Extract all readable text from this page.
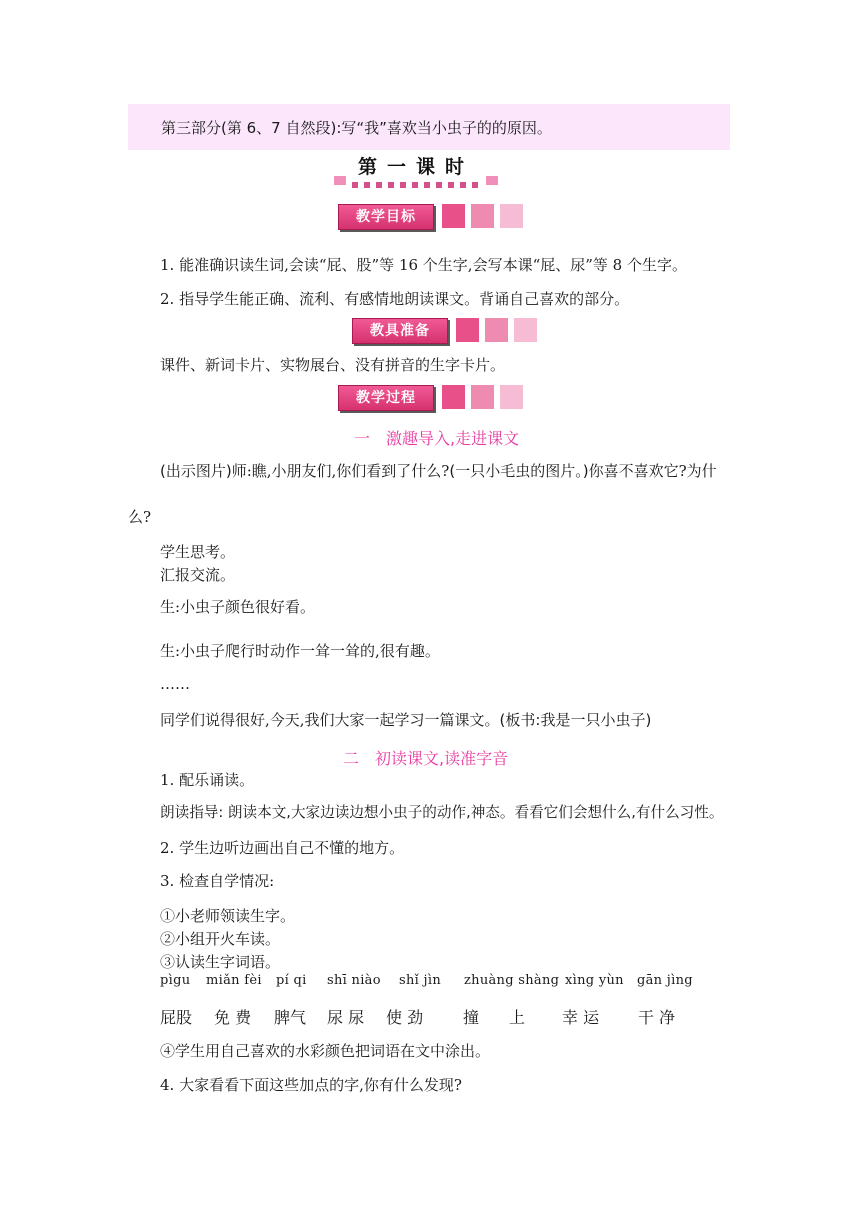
第三部分(第 6、7 自然段):写“我”喜欢当小虫子的的原因。
第一课时
教学目标
1. 能准确识读生词,会读“屁、股”等 16 个生字,会写本课“屁、尿”等 8 个生字。
2. 指导学生能正确、流利、有感情地朗读课文。背诵自己喜欢的部分。
教具准备
课件、新词卡片、实物展台、没有拼音的生字卡片。
教学过程
一　激趣导入,走进课文
(出示图片)师:瞧,小朋友们,你们看到了什么?(一只小毛虫的图片。)你喜不喜欢它?为什
么?
学生思考。
汇报交流。
生:小虫子颜色很好看。
生:小虫子爬行时动作一耸一耸的,很有趣。
……
同学们说得很好,今天,我们大家一起学习一篇课文。(板书:我是一只小虫子)
二　初读课文,读准字音
1. 配乐诵读。
朗读指导: 朗读本文,大家边读边想小虫子的动作,神态。看看它们会想什么,有什么习性。
2. 学生边听边画出自己不懂的地方。
3. 检查自学情况:
①小老师领读生字。
②小组开火车读。
③认读生字词语。
pìgu miǎn fèi pí qi shī niào shǐ jìn zhuàng shàng xìng yùn gān jìng
屁股 免 费 脾气 尿 尿 使 劲 撞 上 幸 运 干 净
④学生用自己喜欢的水彩颜色把词语在文中涂出。
4. 大家看看下面这些加点的字,你有什么发现?
